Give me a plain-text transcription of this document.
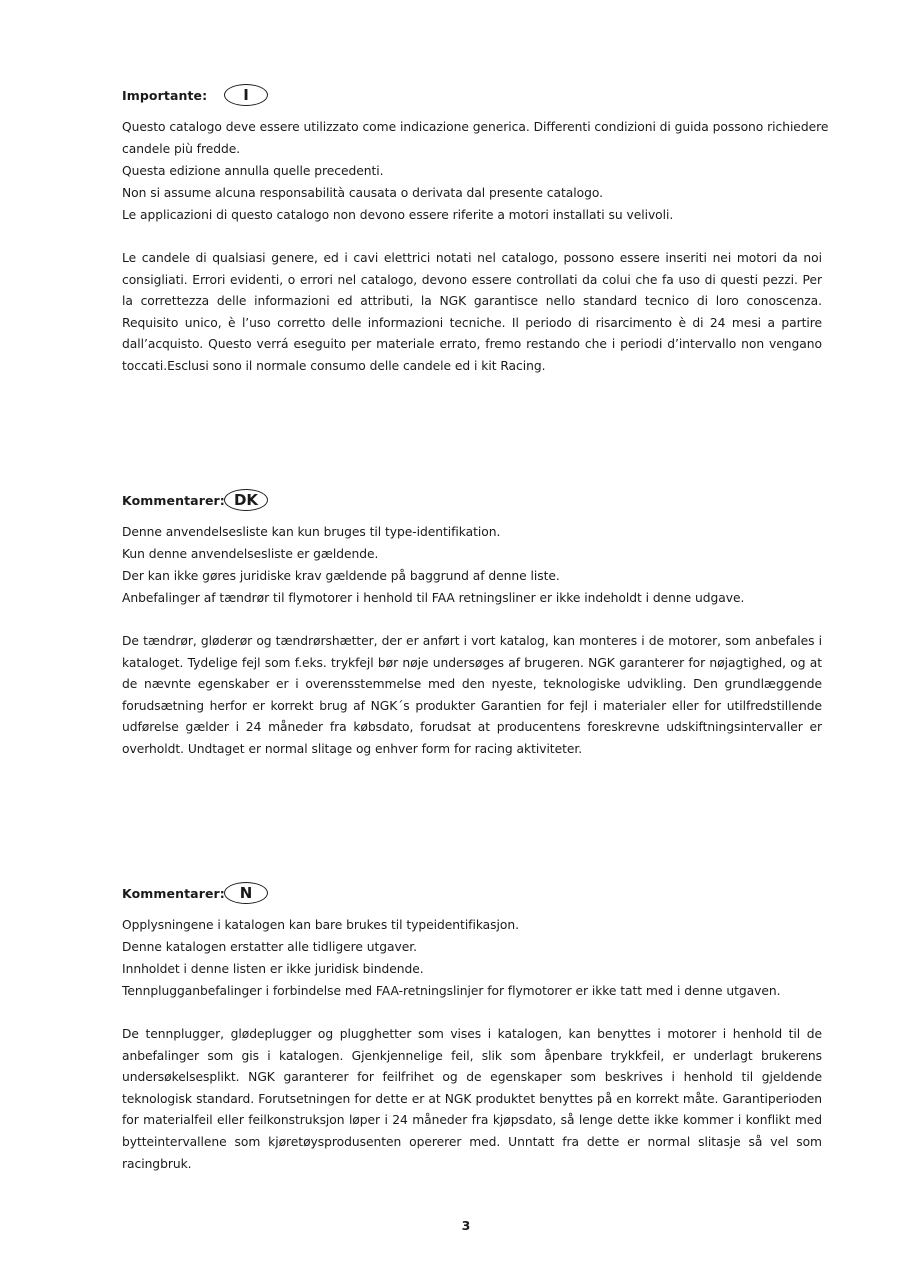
Importante:	I
Questo catalogo deve essere utilizzato come indicazione generica. Differenti condizioni di guida possono richiedere
candele più fredde.
Questa edizione annulla quelle precedenti.
Non si assume alcuna responsabilità causata o derivata dal presente catalogo.
Le applicazioni di questo catalogo non devono essere riferite a motori installati su velivoli.
Le candele di qualsiasi genere, ed i cavi elettrici notati nel catalogo, possono essere inseriti nei motori da noi consigliati. Errori evidenti, o errori nel catalogo, devono essere controllati da colui che fa uso di questi pezzi. Per la correttezza delle informazioni ed attributi, la NGK garantisce nello standard tecnico di loro conoscenza. Requisito unico, è l’uso corretto delle informazioni tecniche. Il periodo di risarcimento è di 24 mesi a partire dall’acquisto. Questo verrá eseguito per materiale errato, fremo restando che i periodi d’intervallo non vengano toccati.Esclusi sono il normale consumo delle candele ed i kit Racing.
Kommentarer: DK
Denne anvendelsesliste kan kun bruges til type-identifikation.
Kun denne anvendelsesliste er gældende.
Der kan ikke gøres juridiske krav gældende på baggrund af denne liste.
Anbefalinger af tændrør til flymotorer i henhold til FAA retningsliner er ikke indeholdt i denne udgave.
De tændrør, gløderør og tændrørshætter, der er anført i vort katalog, kan monteres i de motorer, som anbefales i kataloget. Tydelige fejl som f.eks. trykfejl bør nøje undersøges af brugeren. NGK garanterer for nøjagtighed, og at de nævnte egenskaber er i overensstemmelse med den nyeste, teknologiske udvikling. Den grundlæggende forudsætning herfor er korrekt brug af NGK´s produkter Garantien for fejl i materialer eller for utilfredstillende udførelse gælder i 24 måneder fra købsdato, forudsat at producentens foreskrevne udskiftningsintervaller er overholdt. Undtaget er normal slitage og enhver form for racing aktiviteter.
Kommentarer: N
Opplysningene i katalogen kan bare brukes til typeidentifikasjon.
Denne katalogen erstatter alle tidligere utgaver.
Innholdet i denne listen er ikke juridisk bindende.
Tennplugganbefalinger i forbindelse med FAA-retningslinjer for flymotorer er ikke tatt med i denne utgaven.
De tennplugger, glødeplugger og plugghetter som vises i katalogen, kan benyttes i motorer i henhold til de anbefalinger som gis i katalogen. Gjenkjennelige feil, slik som åpenbare trykkfeil, er underlagt brukerens undersøkelsesplikt. NGK garanterer for feilfrihet og de egenskaper som beskrives i henhold til gjeldende teknologisk standard. Forutsetningen for dette er at NGK produktet benyttes på en korrekt måte. Garantiperioden for materialfeil eller feilkonstruksjon løper i 24 måneder fra kjøpsdato, så lenge dette ikke kommer i konflikt med bytteintervallene som kjøretøysprodusenten opererer med. Unntatt fra dette er normal slitasje så vel som racingbruk.
3
